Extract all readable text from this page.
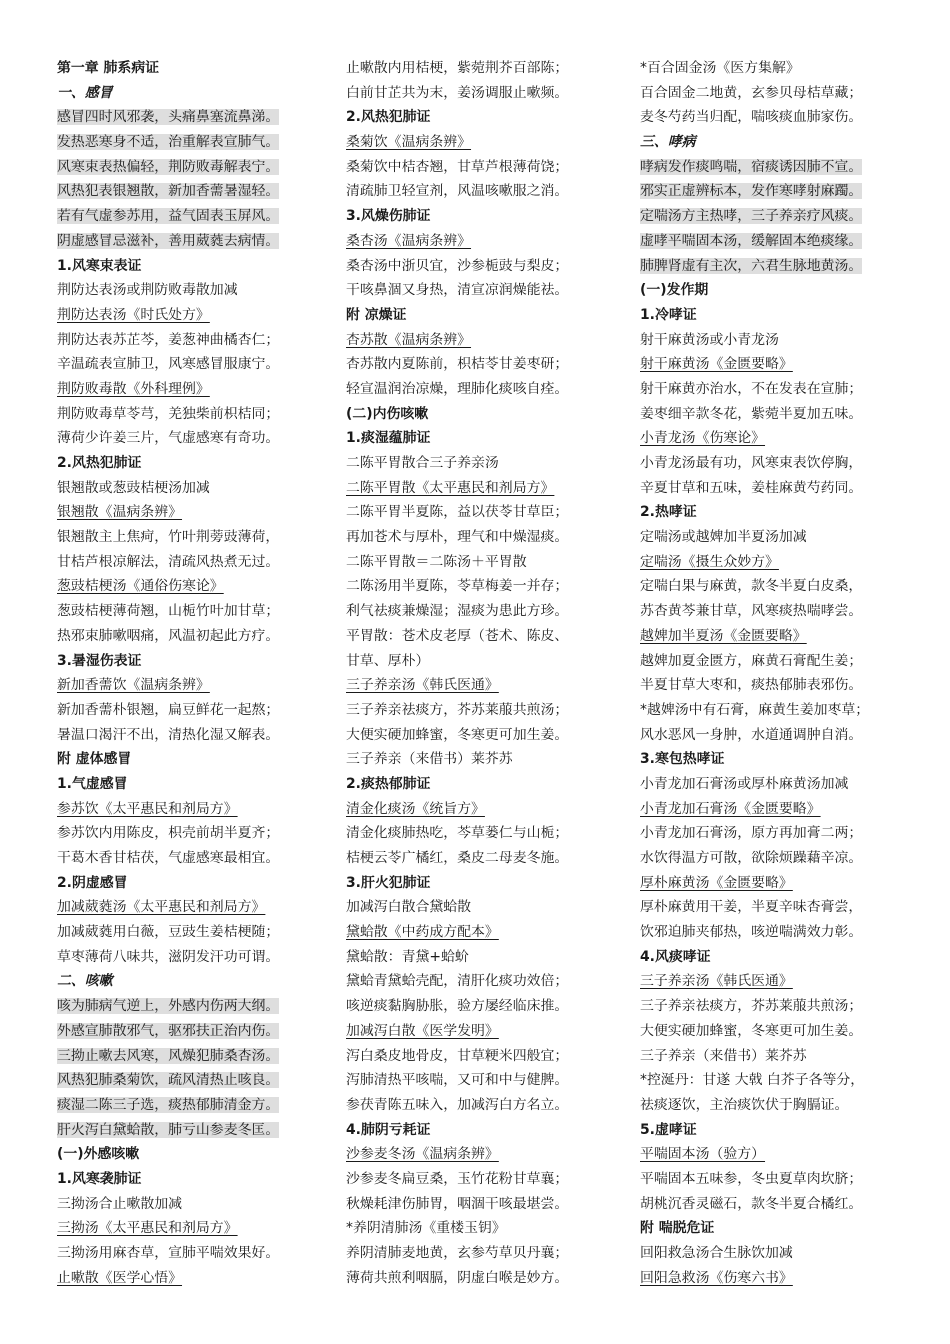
第一章 肺系病证
一、感冒
感冒四时风邪袭，头痛鼻塞流鼻涕。
发热恶寒身不适，治重解表宣肺气。
风寒束表热偏轻，荆防败毒解表宁。
风热犯表银翘散，新加香薷暑湿轻。
若有气虚参苏用，益气固表玉屏风。
阴虚感冒忌滋补，善用葳蕤去病情。
1.风寒束表证
荆防达表汤或荆防败毒散加减
荆防达表汤《时氏处方》
荆防达表苏芷芩，姜葱神曲橘杏仁；
辛温疏表宣肺卫，风寒感冒服康宁。
荆防败毒散《外科理例》
荆防败毒草苓芎，羌独柴前枳桔同；
薄荷少许姜三片，气虚感寒有奇功。
2.风热犯肺证
银翘散或葱豉桔梗汤加减
银翘散《温病条辨》
银翘散主上焦疴，竹叶荆蒡豉薄荷，
甘桔芦根凉解法，清疏风热煮无过。
葱豉桔梗汤《通俗伤寒论》
葱豉桔梗薄荷翘，山栀竹叶加甘草；
热邪束肺嗽咽痛，风温初起此方疗。
3.暑湿伤表证
新加香薷饮《温病条辨》
新加香薷朴银翘，扁豆鲜花一起熬；
暑温口渴汗不出，清热化湿又解表。
附 虚体感冒
1.气虚感冒
参苏饮《太平惠民和剂局方》
参苏饮内用陈皮，枳壳前胡半夏齐；
干葛木香甘桔茯，气虚感寒最相宜。
2.阴虚感冒
加减葳蕤汤《太平惠民和剂局方》
加减葳蕤用白薇，豆豉生姜桔梗随；
草枣薄荷八味共，滋阴发汗功可谓。
二、咳嗽
咳为肺病气逆上，外感内伤两大纲。
外感宣肺散邪气，驱邪扶正治内伤。
三拗止嗽去风寒，风燥犯肺桑杏汤。
风热犯肺桑菊饮，疏风清热止咳良。
痰湿二陈三子选，痰热郁肺清金方。
肝火泻白黛蛤散，肺亏山参麦冬匡。
(一)外感咳嗽
1.风寒袭肺证
三拗汤合止嗽散加减
三拗汤《太平惠民和剂局方》
三拗汤用麻杏草，宣肺平喘效果好。
止嗽散《医学心悟》
止嗽散内用桔梗，紫菀荆芥百部陈；
白前甘芷共为末，姜汤调服止嗽频。
2.风热犯肺证
桑菊饮《温病条辨》
桑菊饮中桔杏翘，甘草芦根薄荷饶；
清疏肺卫轻宣剂，风温咳嗽服之消。
3.风燥伤肺证
桑杏汤《温病条辨》
桑杏汤中浙贝宜，沙参栀豉与梨皮；
干咳鼻涸又身热，清宣凉润燥能祛。
附 凉燥证
杏苏散《温病条辨》
杏苏散内夏陈前，枳桔苓甘姜枣研；
轻宣温润治凉燥，理肺化痰咳自痊。
(二)内伤咳嗽
1.痰湿蕴肺证
二陈平胃散合三子养亲汤
二陈平胃散《太平惠民和剂局方》
二陈平胃半夏陈，益以茯苓甘草臣；
再加苍术与厚朴，理气和中燥湿痰。
二陈平胃散＝二陈汤＋平胃散
二陈汤用半夏陈，苓草梅姜一并存；
利气祛痰兼燥湿；湿痰为患此方珍。
平胃散：苍术皮老厚（苍术、陈皮、
甘草、厚朴）
三子养亲汤《韩氏医通》
三子养亲祛痰方，芥苏莱菔共煎汤；
大便实硬加蜂蜜，冬寒更可加生姜。
三子养亲（来借书）莱芥苏
2.痰热郁肺证
清金化痰汤《统旨方》
清金化痰肺热吃，芩草蒌仁与山栀；
桔梗云苓广橘红，桑皮二母麦冬施。
3.肝火犯肺证
加减泻白散合黛蛤散
黛蛤散《中药成方配本》
黛蛤散：青黛+蛤蚧
黛蛤青黛蛤壳配，清肝化痰功效倍；
咳逆痰黏胸胁胀，验方屡经临床推。
加减泻白散《医学发明》
泻白桑皮地骨皮，甘草粳米四般宜；
泻肺清热平咳喘，又可和中与健脾。
参茯青陈五味入，加减泻白方名立。
4.肺阴亏耗证
沙参麦冬汤《温病条辨》
沙参麦冬扁豆桑，玉竹花粉甘草襄；
秋燥耗津伤肺胃，咽涸干咳最堪尝。
*养阴清肺汤《重楼玉钥》
养阴清肺麦地黄，玄参芍草贝丹襄；
薄荷共煎利咽膈，阴虚白喉是妙方。
*百合固金汤《医方集解》
百合固金二地黄，玄参贝母桔草藏；
麦冬芍药当归配，喘咳痰血肺家伤。
三、哮病
哮病发作痰鸣喘，宿痰诱因肺不宣。
邪实正虚辨标本，发作寒哮射麻躅。
定喘汤方主热哮，三子养亲疗风痰。
虚哮平喘固本汤，缓解固本绝痰缘。
肺脾肾虚有主次，六君生脉地黄汤。
(一)发作期
1.冷哮证
射干麻黄汤或小青龙汤
射干麻黄汤《金匮要略》
射干麻黄亦治水，不在发表在宣肺；
姜枣细辛款冬花，紫菀半夏加五味。
小青龙汤《伤寒论》
小青龙汤最有功，风寒束表饮停胸，
辛夏甘草和五味，姜桂麻黄芍药同。
2.热哮证
定喘汤或越婢加半夏汤加减
定喘汤《摄生众妙方》
定喘白果与麻黄，款冬半夏白皮桑，
苏杏黄芩兼甘草，风寒痰热喘哮尝。
越婢加半夏汤《金匮要略》
越婢加夏金匮方，麻黄石膏配生姜；
半夏甘草大枣和，痰热郁肺表邪伤。
*越婢汤中有石膏，麻黄生姜加枣草；
风水恶风一身肿，水道通调肿自消。
3.寒包热哮证
小青龙加石膏汤或厚朴麻黄汤加减
小青龙加石膏汤《金匮要略》
小青龙加石膏汤，原方再加膏二两；
水饮得温方可散，欲除烦躁藉辛凉。
厚朴麻黄汤《金匮要略》
厚朴麻黄用干姜，半夏辛味杏膏尝，
饮邪迫肺夹郁热，咳逆喘满效力彰。
4.风痰哮证
三子养亲汤《韩氏医通》
三子养亲祛痰方，芥苏莱菔共煎汤；
大便实硬加蜂蜜，冬寒更可加生姜。
三子养亲（来借书）莱芥苏
*控涎丹：甘遂 大戟 白芥子各等分，
祛痰逐饮，主治痰饮伏于胸膈证。
5.虚哮证
平喘固本汤（验方）
平喘固本五味参，冬虫夏草肉坎脐；
胡桃沉香灵磁石，款冬半夏合橘红。
附 喘脱危证
回阳救急汤合生脉饮加减
回阳急救汤《伤寒六书》
